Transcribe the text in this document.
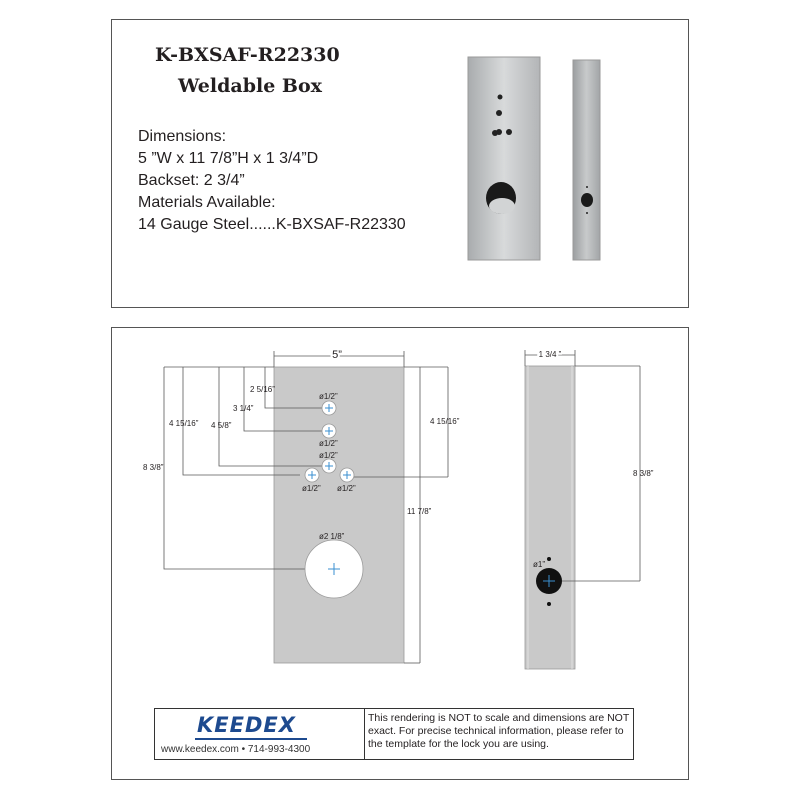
K-BXSAF-R22330
Weldable Box
Dimensions:
5 ”W x 11 7/8”H x 1 3/4”D
Backset: 2 3/4”
Materials Available:
14 Gauge Steel......K-BXSAF-R22330
5”	1 3/4 ”
2 5/16”
3 1/4”
4 5/8”
4 15/16”
8 3/8”
4 15/16”
11 7/8”
8 3/8”
ø1/2”
ø1/2”
ø1/2”
ø1/2” ø1/2”
ø2 1/8”
ø1”
KEEDEX
www.keedex.com • 714-993-4300
This rendering is NOT to scale and dimensions are NOT exact. For precise technical information, please refer to the template for the lock you are using.
